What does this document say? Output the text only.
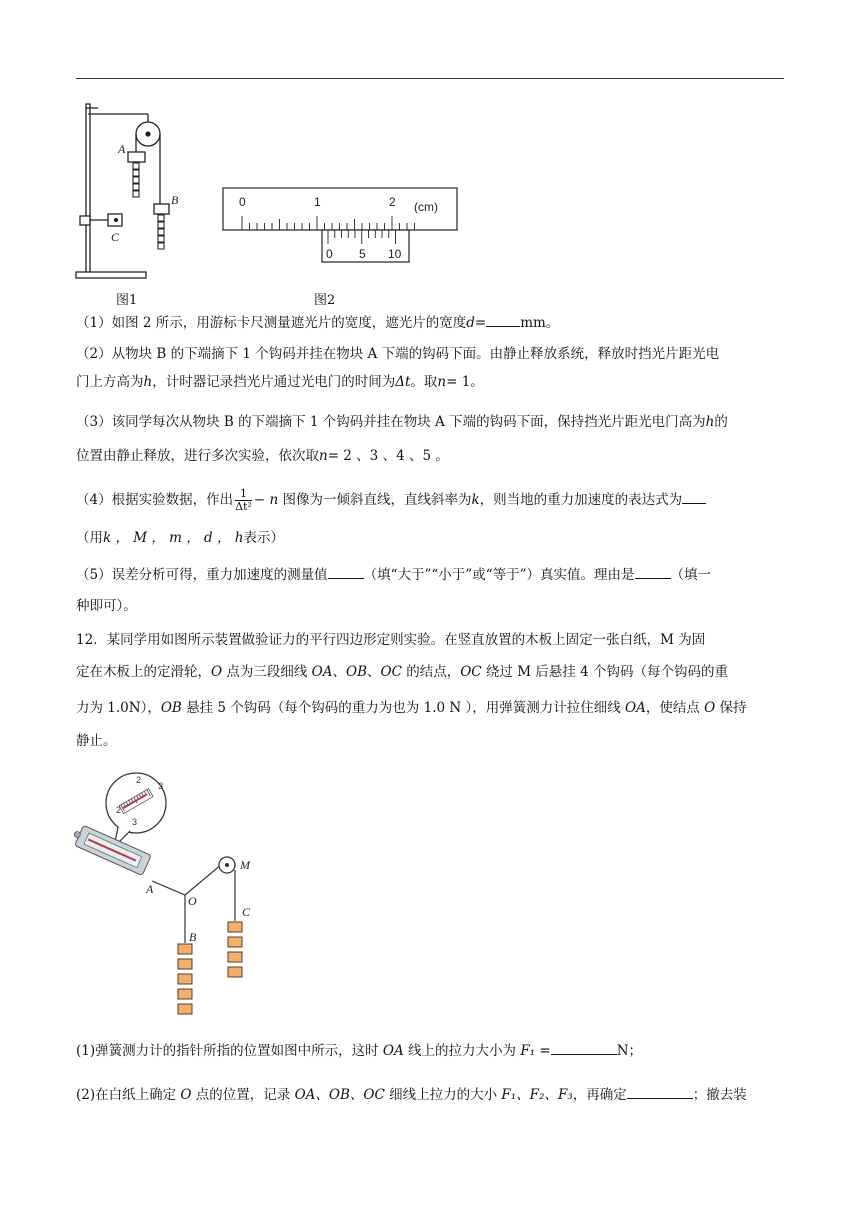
A
B
C
图1
0	1	2 (cm)
0 5 10
图2
（1）如图 2 所示，用游标卡尺测量遮光片的宽度，遮光片的宽度d=	mm。
（2）从物块 B 的下端摘下 1 个钩码并挂在物块 A 下端的钩码下面。由静止释放系统，释放时挡光片距光电
门上方高为h，计时器记录挡光片通过光电门的时间为Δt。取n= 1。
（3）该同学每次从物块 B 的下端摘下 1 个钩码并挂在物块 A 下端的钩码下面，保持挡光片距光电门高为h的
位置由静止释放，进行多次实验，依次取n= 2 、3 、4 、5 。
（4）根据实验数据，作出 $\frac{1}{\text{Δt²}} - n$ 图像为一倾斜直线，直线斜率为k，则当地的重力加速度的表达式为
（用k ， M ， m ， d ， h表示）
（5）误差分析可得，重力加速度的测量值	（填“大于”“小于”或“等于”）真实值。理由是	（填一
种即可）。
12．某同学用如图所示装置做验证力的平行四边形定则实验。在竖直放置的木板上固定一张白纸，M 为固
定在木板上的定滑轮，O 点为三段细线 OA、OB、OC 的结点，OC 绕过 M 后悬挂 4 个钩码（每个钩码的重
力为 1.0N），OB 悬挂 5 个钩码（每个钩码的重力为也为 1.0 N ），用弹簧测力计拉住细线 OA，使结点 O 保持
静止。
2
2
3
3
A
O
M
C
B
(1)弹簧测力计的指针所指的位置如图中所示，这时 OA 线上的拉力大小为 F₁ =	N；
(2)在白纸上确定 O 点的位置，记录 OA、OB、OC 细线上拉力的大小 F₁、F₂、F₃，再确定	；撤去装
